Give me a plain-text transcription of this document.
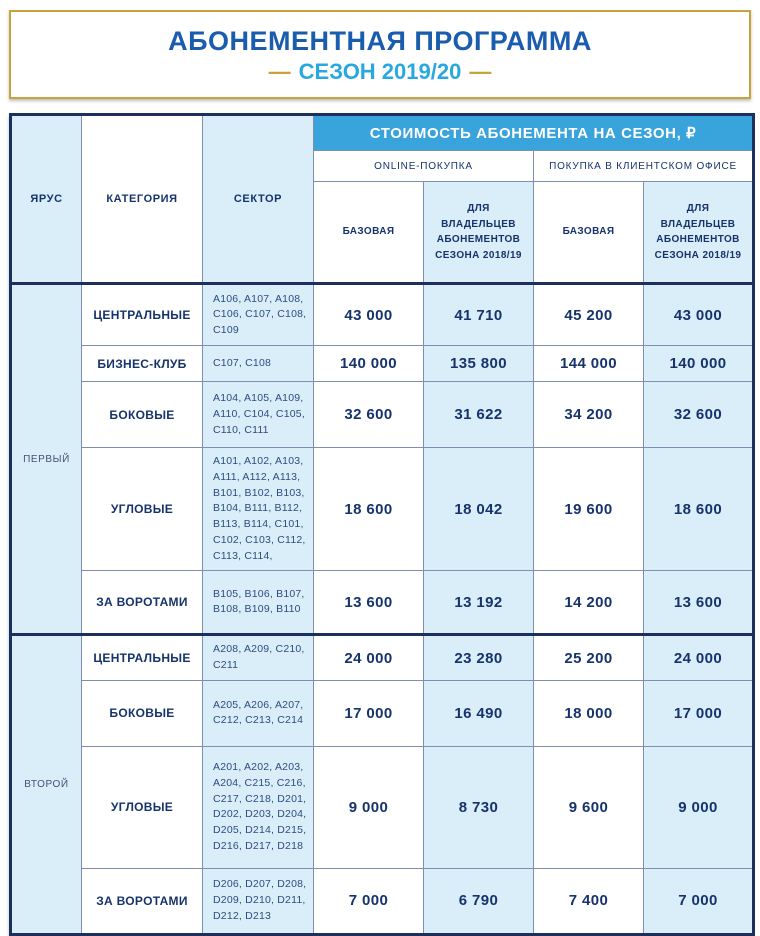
АБОНЕМЕНТНАЯ ПРОГРАММА
— СЕЗОН 2019/20 —
ЯРУС	КАТЕГОРИЯ	СЕКТОР	СТОИМОСТЬ АБОНЕМЕНТА НА СЕЗОН, ₽			
			ONLINE-ПОКУПКА		ПОКУПКА В КЛИЕНТСКОМ ОФИСЕ	
			БАЗОВАЯ	ДЛЯ ВЛАДЕЛЬЦЕВ АБОНЕМЕНТОВ СЕЗОНА 2018/19	БАЗОВАЯ	ДЛЯ ВЛАДЕЛЬЦЕВ АБОНЕМЕНТОВ СЕЗОНА 2018/19
ПЕРВЫЙ	ЦЕНТРАЛЬНЫЕ	A106, A107, A108, C106, C107, C108, C109	43 000	41 710	45 200	43 000
	БИЗНЕС-КЛУБ	C107, C108	140 000	135 800	144 000	140 000
	БОКОВЫЕ	A104, A105, A109, A110, C104, C105, C110, C111	32 600	31 622	34 200	32 600
	УГЛОВЫЕ	A101, A102, A103, A111, A112, A113, B101, B102, B103, B104, B111, B112, B113, B114, C101, C102, C103, C112, C113, C114,	18 600	18 042	19 600	18 600
	ЗА ВОРОТАМИ	B105, B106, B107, B108, B109, B110	13 600	13 192	14 200	13 600
ВТОРОЙ	ЦЕНТРАЛЬНЫЕ	A208, A209, C210, C211	24 000	23 280	25 200	24 000
	БОКОВЫЕ	A205, A206, A207, C212, C213, C214	17 000	16 490	18 000	17 000
	УГЛОВЫЕ	A201, A202, A203, A204, C215, C216, C217, C218, D201, D202, D203, D204, D205, D214, D215, D216, D217, D218	9 000	8 730	9 600	9 000
	ЗА ВОРОТАМИ	D206, D207, D208, D209, D210, D211, D212, D213	7 000	6 790	7 400	7 000
